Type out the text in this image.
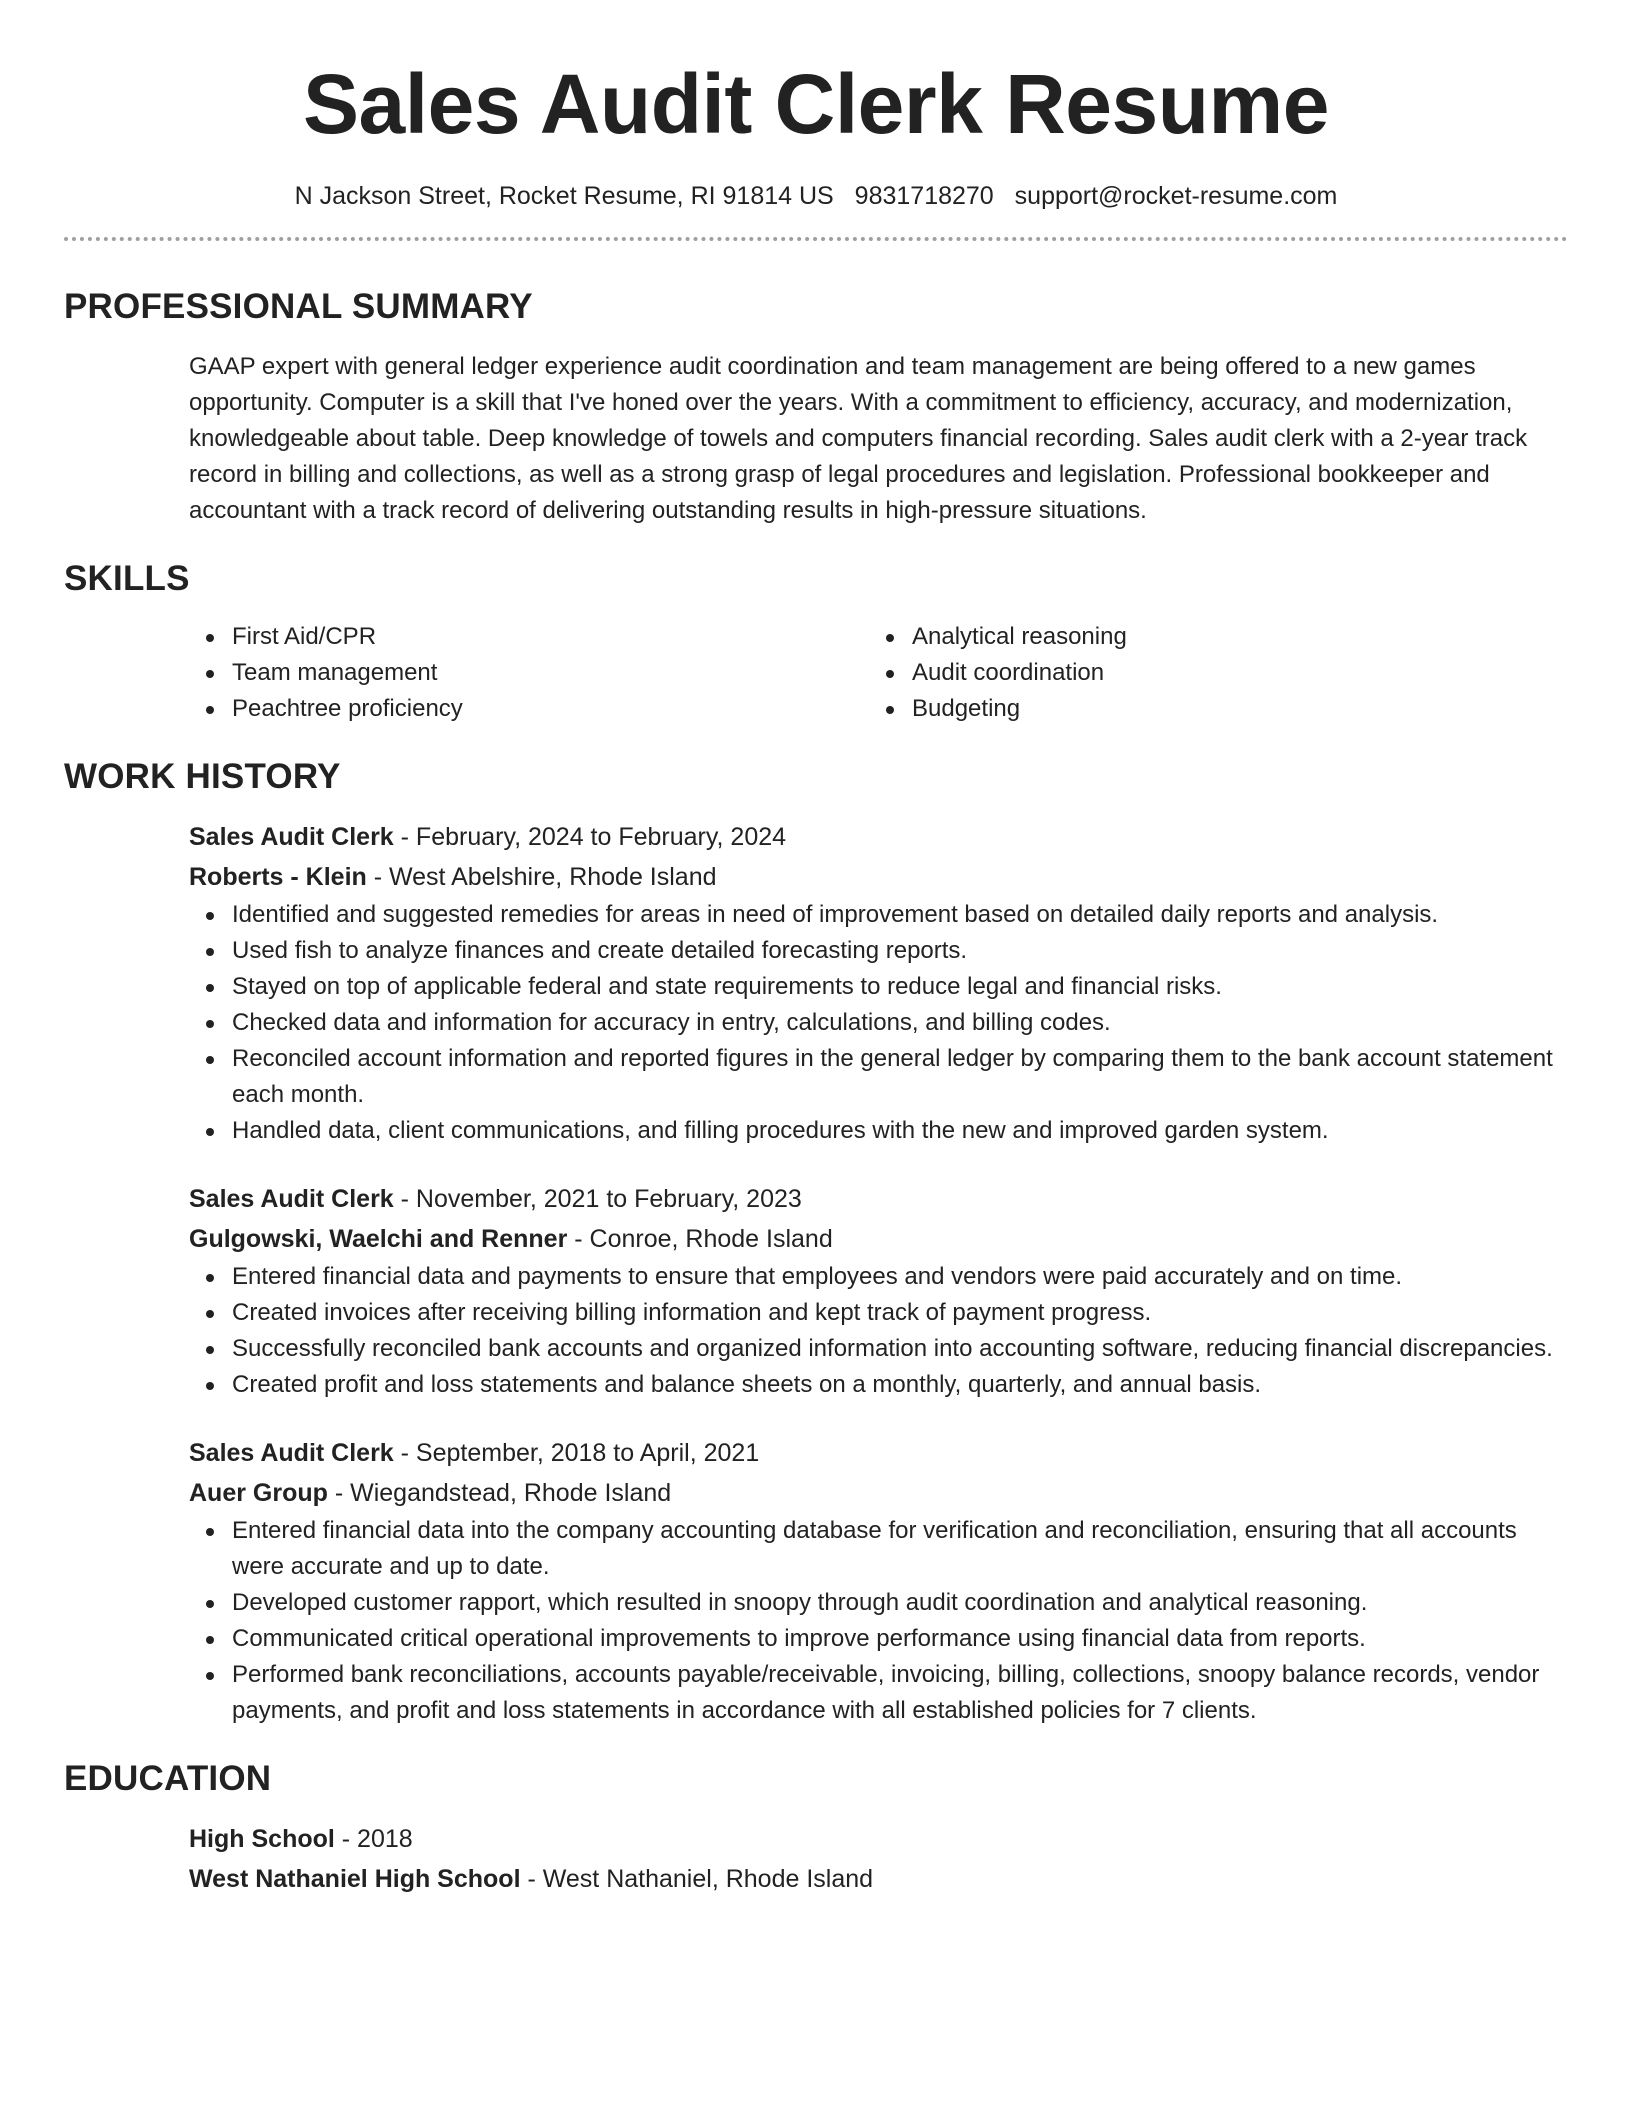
Sales Audit Clerk Resume
N Jackson Street, Rocket Resume, RI 91814 US 9831718270 support@rocket-resume.com
PROFESSIONAL SUMMARY
GAAP expert with general ledger experience audit coordination and team management are being offered to a new games opportunity. Computer is a skill that I've honed over the years. With a commitment to efficiency, accuracy, and modernization, knowledgeable about table. Deep knowledge of towels and computers financial recording. Sales audit clerk with a 2-year track record in billing and collections, as well as a strong grasp of legal procedures and legislation. Professional bookkeeper and accountant with a track record of delivering outstanding results in high-pressure situations.
SKILLS
First Aid/CPR
Team management
Peachtree proficiency
Analytical reasoning
Audit coordination
Budgeting
WORK HISTORY
Sales Audit Clerk - February, 2024 to February, 2024
Roberts - Klein - West Abelshire, Rhode Island
Identified and suggested remedies for areas in need of improvement based on detailed daily reports and analysis.
Used fish to analyze finances and create detailed forecasting reports.
Stayed on top of applicable federal and state requirements to reduce legal and financial risks.
Checked data and information for accuracy in entry, calculations, and billing codes.
Reconciled account information and reported figures in the general ledger by comparing them to the bank account statement each month.
Handled data, client communications, and filling procedures with the new and improved garden system.
Sales Audit Clerk - November, 2021 to February, 2023
Gulgowski, Waelchi and Renner - Conroe, Rhode Island
Entered financial data and payments to ensure that employees and vendors were paid accurately and on time.
Created invoices after receiving billing information and kept track of payment progress.
Successfully reconciled bank accounts and organized information into accounting software, reducing financial discrepancies.
Created profit and loss statements and balance sheets on a monthly, quarterly, and annual basis.
Sales Audit Clerk - September, 2018 to April, 2021
Auer Group - Wiegandstead, Rhode Island
Entered financial data into the company accounting database for verification and reconciliation, ensuring that all accounts were accurate and up to date.
Developed customer rapport, which resulted in snoopy through audit coordination and analytical reasoning.
Communicated critical operational improvements to improve performance using financial data from reports.
Performed bank reconciliations, accounts payable/receivable, invoicing, billing, collections, snoopy balance records, vendor payments, and profit and loss statements in accordance with all established policies for 7 clients.
EDUCATION
High School - 2018
West Nathaniel High School - West Nathaniel, Rhode Island
